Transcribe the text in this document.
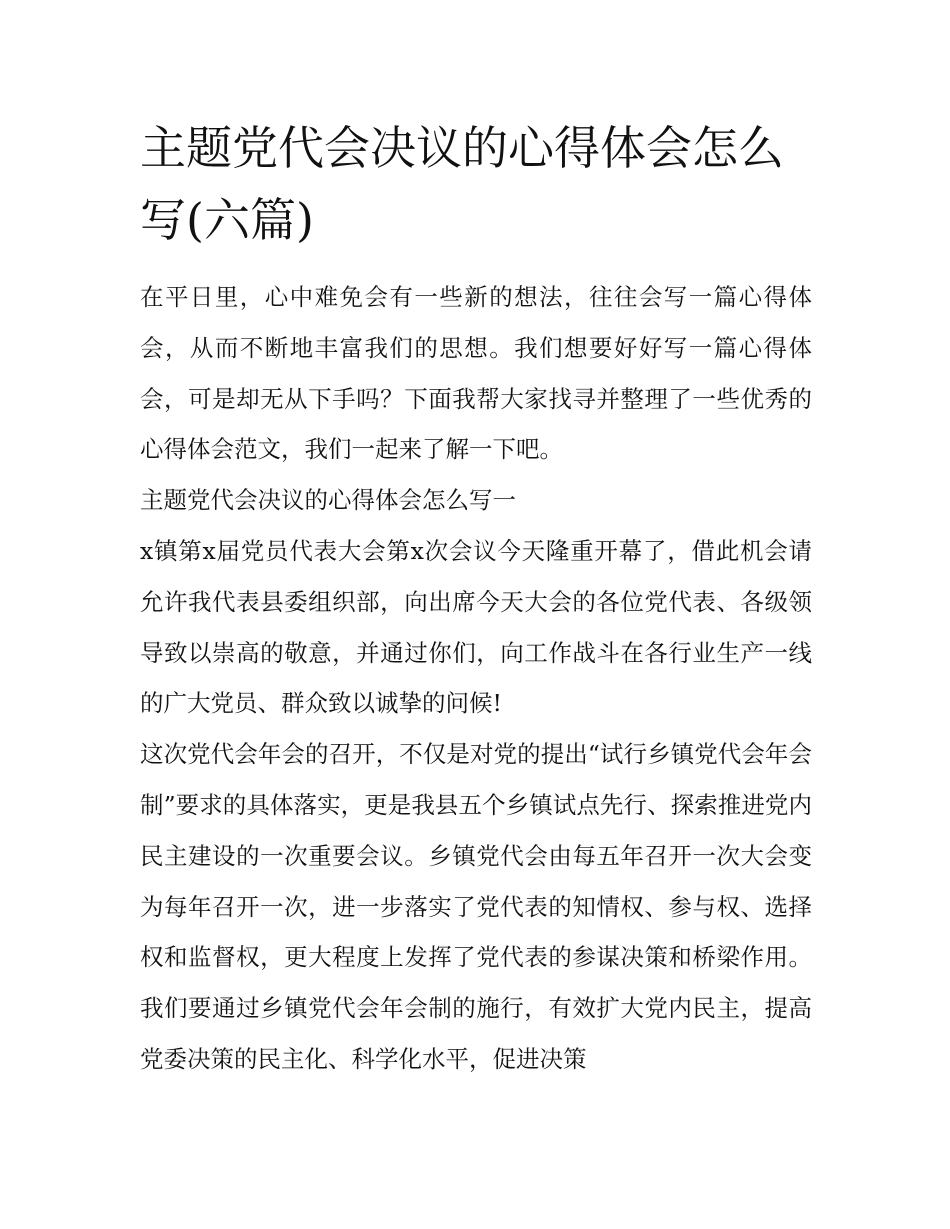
主题党代会决议的心得体会怎么写(六篇)

在平日里，心中难免会有一些新的想法，往往会写一篇心得体会，从而不断地丰富我们的思想。我们想要好好写一篇心得体会，可是却无从下手吗？下面我帮大家找寻并整理了一些优秀的心得体会范文，我们一起来了解一下吧。

主题党代会决议的心得体会怎么写一

x镇第x届党员代表大会第x次会议今天隆重开幕了，借此机会请允许我代表县委组织部，向出席今天大会的各位党代表、各级领导致以崇高的敬意，并通过你们，向工作战斗在各行业生产一线的广大党员、群众致以诚挚的问候!

这次党代会年会的召开，不仅是对党的提出“试行乡镇党代会年会制”要求的具体落实，更是我县五个乡镇试点先行、探索推进党内民主建设的一次重要会议。乡镇党代会由每五年召开一次大会变为每年召开一次，进一步落实了党代表的知情权、参与权、选择权和监督权，更大程度上发挥了党代表的参谋决策和桥梁作用。我们要通过乡镇党代会年会制的施行，有效扩大党内民主，提高党委决策的民主化、科学化水平，促进决策
